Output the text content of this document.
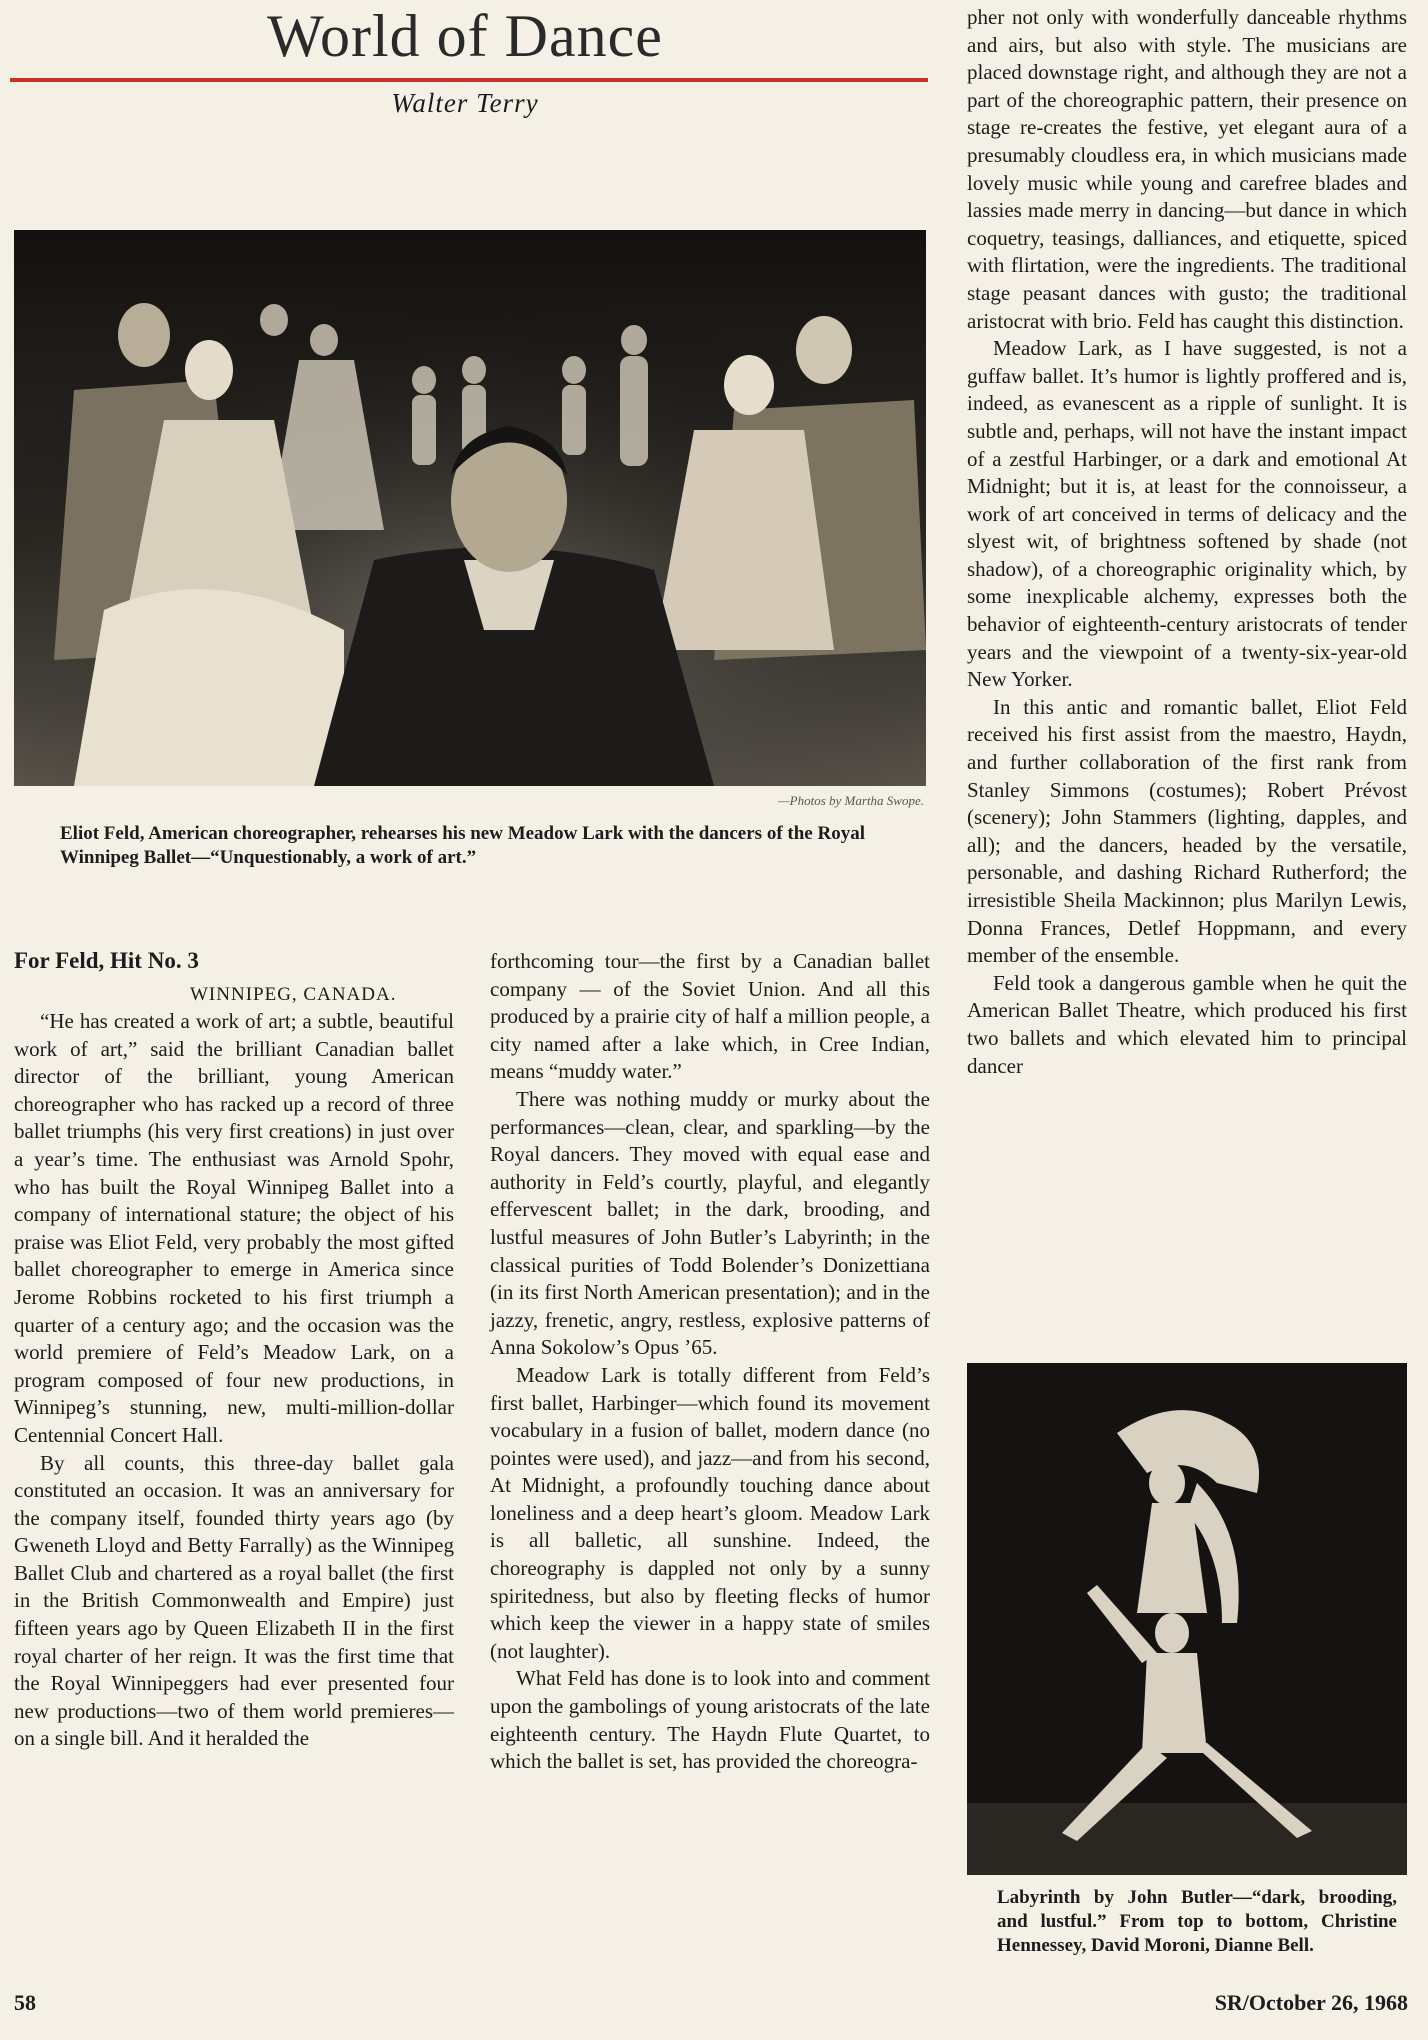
World of Dance
Walter Terry
—Photos by Martha Swope.
Eliot Feld, American choreographer, rehearses his new Meadow Lark with the dancers of the Royal Winnipeg Ballet—“Unquestionably, a work of art.”
For Feld, Hit No. 3
WINNIPEG, CANADA.

“He has created a work of art; a subtle, beautiful work of art,” said the brilliant Canadian ballet director of the brilliant, young American choreographer who has racked up a record of three ballet triumphs (his very first creations) in just over a year’s time. The enthusiast was Arnold Spohr, who has built the Royal Winnipeg Ballet into a company of international stature; the object of his praise was Eliot Feld, very probably the most gifted ballet choreographer to emerge in America since Jerome Robbins rocketed to his first triumph a quarter of a century ago; and the occasion was the world premiere of Feld’s Meadow Lark, on a program composed of four new productions, in Winnipeg’s stunning, new, multi-million-dollar Centennial Concert Hall.

By all counts, this three-day ballet gala constituted an occasion. It was an anniversary for the company itself, founded thirty years ago (by Gweneth Lloyd and Betty Farrally) as the Winnipeg Ballet Club and chartered as a royal ballet (the first in the British Commonwealth and Empire) just fifteen years ago by Queen Elizabeth II in the first royal charter of her reign. It was the first time that the Royal Winnipeggers had ever presented four new productions—two of them world premieres—on a single bill. And it heralded the

forthcoming tour—the first by a Canadian ballet company — of the Soviet Union. And all this produced by a prairie city of half a million people, a city named after a lake which, in Cree Indian, means “muddy water.”

There was nothing muddy or murky about the performances—clean, clear, and sparkling—by the Royal dancers. They moved with equal ease and authority in Feld’s courtly, playful, and elegantly effervescent ballet; in the dark, brooding, and lustful measures of John Butler’s Labyrinth; in the classical purities of Todd Bolender’s Donizettiana (in its first North American presentation); and in the jazzy, frenetic, angry, restless, explosive patterns of Anna Sokolow’s Opus ’65.

Meadow Lark is totally different from Feld’s first ballet, Harbinger—which found its movement vocabulary in a fusion of ballet, modern dance (no pointes were used), and jazz—and from his second, At Midnight, a profoundly touching dance about loneliness and a deep heart’s gloom. Meadow Lark is all balletic, all sunshine. Indeed, the choreography is dappled not only by a sunny spiritedness, but also by fleeting flecks of humor which keep the viewer in a happy state of smiles (not laughter).

What Feld has done is to look into and comment upon the gambolings of young aristocrats of the late eighteenth century. The Haydn Flute Quartet, to which the ballet is set, has provided the choreogra-

pher not only with wonderfully danceable rhythms and airs, but also with style. The musicians are placed downstage right, and although they are not a part of the choreographic pattern, their presence on stage re-creates the festive, yet elegant aura of a presumably cloudless era, in which musicians made lovely music while young and carefree blades and lassies made merry in dancing—but dance in which coquetry, teasings, dalliances, and etiquette, spiced with flirtation, were the ingredients. The traditional stage peasant dances with gusto; the traditional aristocrat with brio. Feld has caught this distinction.

Meadow Lark, as I have suggested, is not a guffaw ballet. It’s humor is lightly proffered and is, indeed, as evanescent as a ripple of sunlight. It is subtle and, perhaps, will not have the instant impact of a zestful Harbinger, or a dark and emotional At Midnight; but it is, at least for the connoisseur, a work of art conceived in terms of delicacy and the slyest wit, of brightness softened by shade (not shadow), of a choreographic originality which, by some inexplicable alchemy, expresses both the behavior of eighteenth-century aristocrats of tender years and the viewpoint of a twenty-six-year-old New Yorker.

In this antic and romantic ballet, Eliot Feld received his first assist from the maestro, Haydn, and further collaboration of the first rank from Stanley Simmons (costumes); Robert Prévost (scenery); John Stammers (lighting, dapples, and all); and the dancers, headed by the versatile, personable, and dashing Richard Rutherford; the irresistible Sheila Mackinnon; plus Marilyn Lewis, Donna Frances, Detlef Hoppmann, and every member of the ensemble.

Feld took a dangerous gamble when he quit the American Ballet Theatre, which produced his first two ballets and which elevated him to principal dancer

Labyrinth by John Butler—“dark, brooding, and lustful.” From top to bottom, Christine Hennessey, David Moroni, Dianne Bell.

58	SR/October 26, 1968
